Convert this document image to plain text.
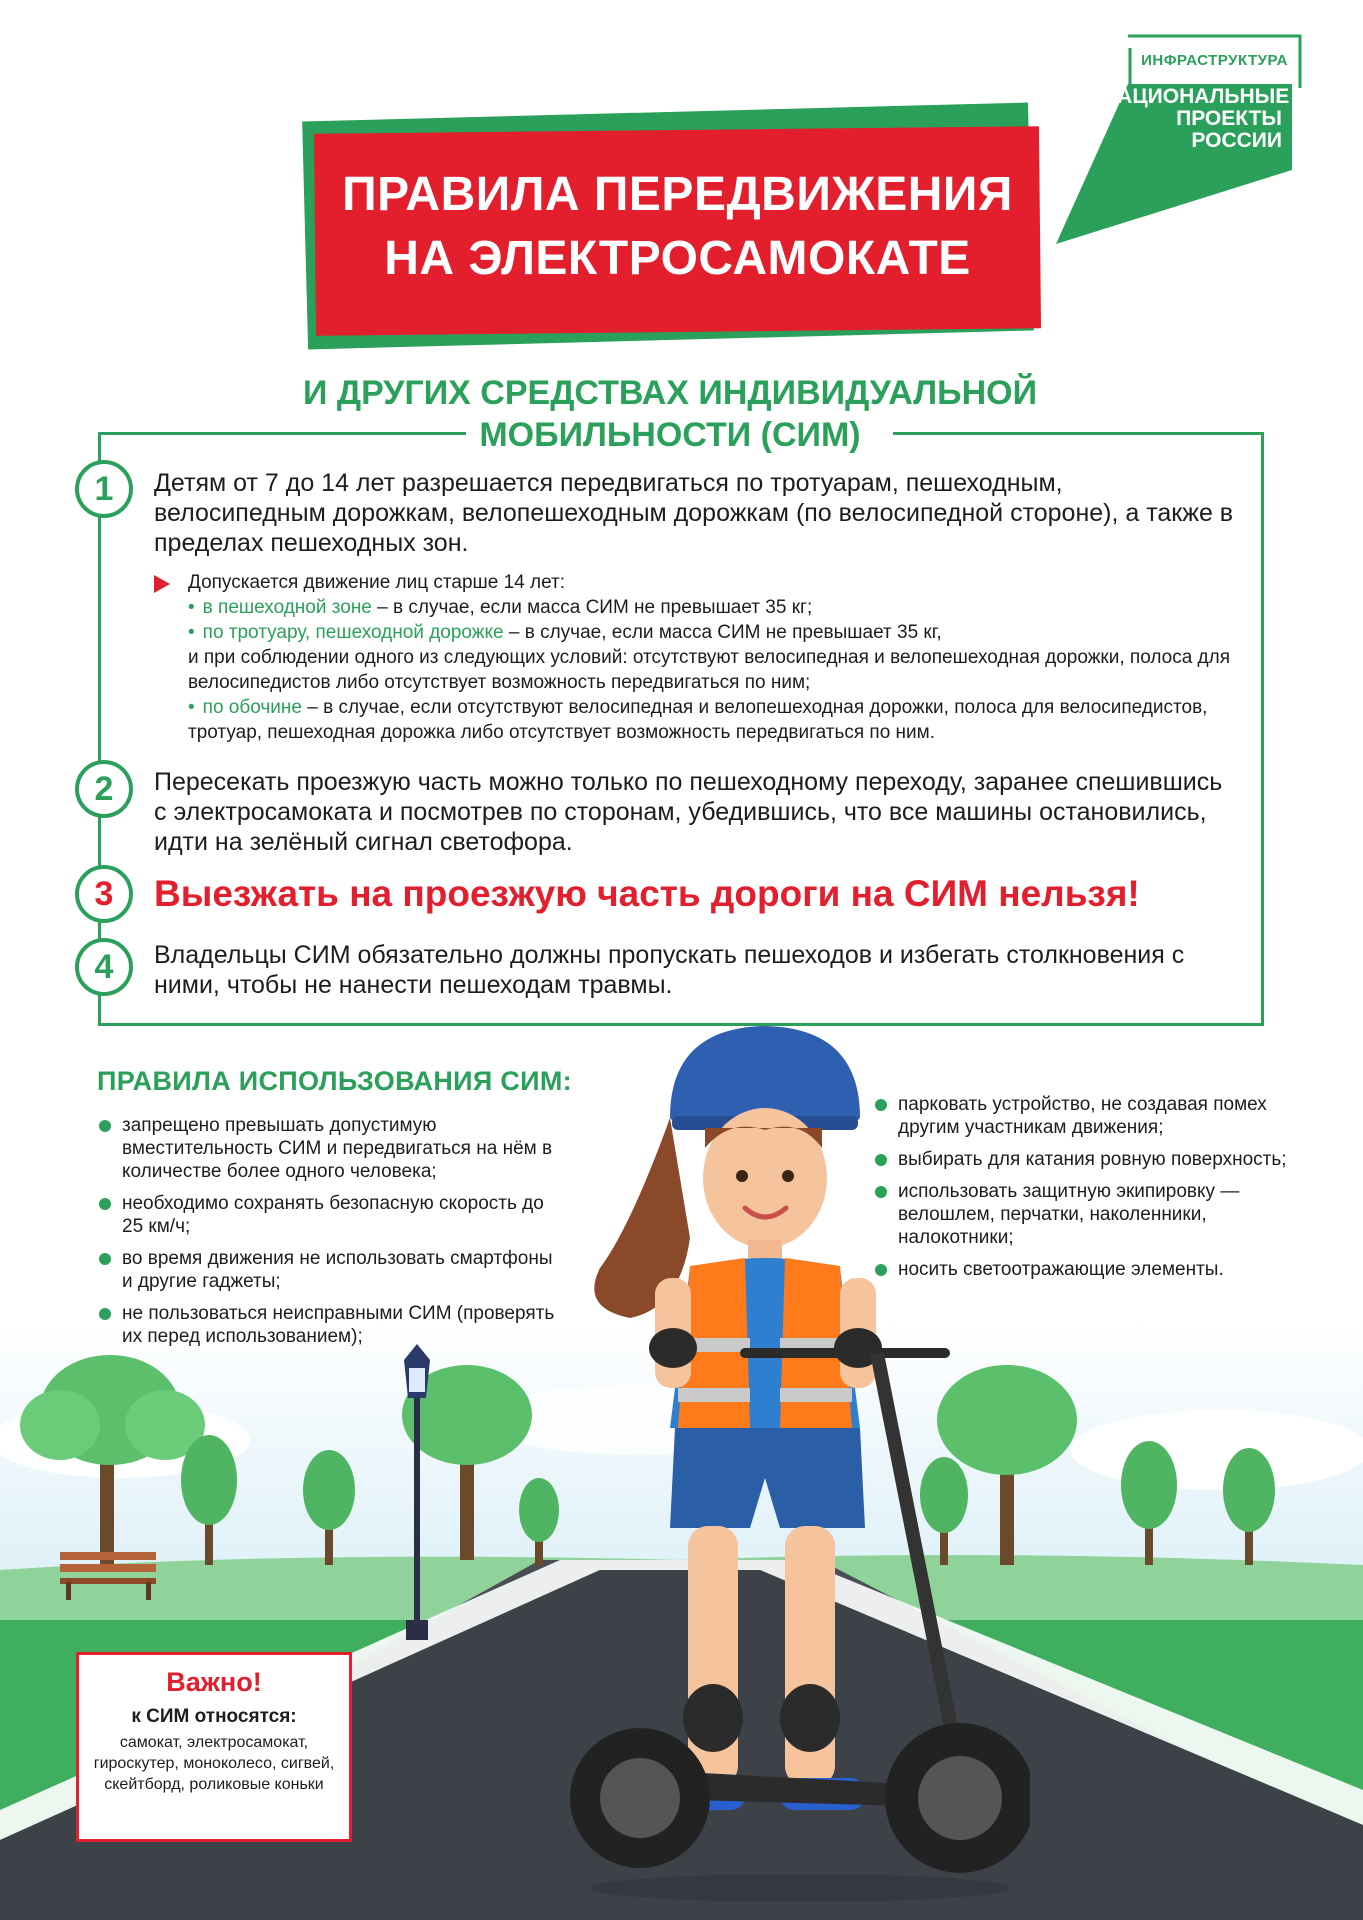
ИНФРАСТРУКТУРА
НАЦИОНАЛЬНЫЕ ПРОЕКТЫ РОССИИ
ПРАВИЛА ПЕРЕДВИЖЕНИЯ
НА ЭЛЕКТРОСАМОКАТЕ
И ДРУГИХ СРЕДСТВАХ ИНДИВИДУАЛЬНОЙ
МОБИЛЬНОСТИ (СИМ)
1	Детям от 7 до 14 лет разрешается передвигаться по тротуарам, пешеходным, велосипедным дорожкам, велопешеходным дорожкам (по велосипедной стороне), а также в пределах пешеходных зон.
Допускается движение лиц старше 14 лет:
• в пешеходной зоне – в случае, если масса СИМ не превышает 35 кг;
• по тротуару, пешеходной дорожке – в случае, если масса СИМ не превышает 35 кг,
и при соблюдении одного из следующих условий: отсутствуют велосипедная и велопешеходная дорожки, полоса для велосипедистов либо отсутствует возможность передвигаться по ним;
• по обочине – в случае, если отсутствуют велосипедная и велопешеходная дорожки, полоса для велосипедистов, тротуар, пешеходная дорожка либо отсутствует возможность передвигаться по ним.
2	Пересекать проезжую часть можно только по пешеходному переходу, заранее спешившись с электросамоката и посмотрев по сторонам, убедившись, что все машины остановились, идти на зелёный сигнал светофора.
3	Выезжать на проезжую часть дороги на СИМ нельзя!
4	Владельцы СИМ обязательно должны пропускать пешеходов и избегать столкновения с ними, чтобы не нанести пешеходам травмы.
ПРАВИЛА ИСПОЛЬЗОВАНИЯ СИМ:
запрещено превышать допустимую вместительность СИМ и передвигаться на нём в количестве более одного человека;
необходимо сохранять безопасную скорость до 25 км/ч;
во время движения не использовать смартфоны и другие гаджеты;
не пользоваться неисправными СИМ (проверять их перед использованием);
парковать устройство, не создавая помех другим участникам движения;
выбирать для катания ровную поверхность;
использовать защитную экипировку — велошлем, перчатки, наколенники, налокотники;
носить светоотражающие элементы.
Важно!
к СИМ относятся:
самокат, электросамокат, гироскутер, моноколесо, сигвей, скейтборд, роликовые коньки
